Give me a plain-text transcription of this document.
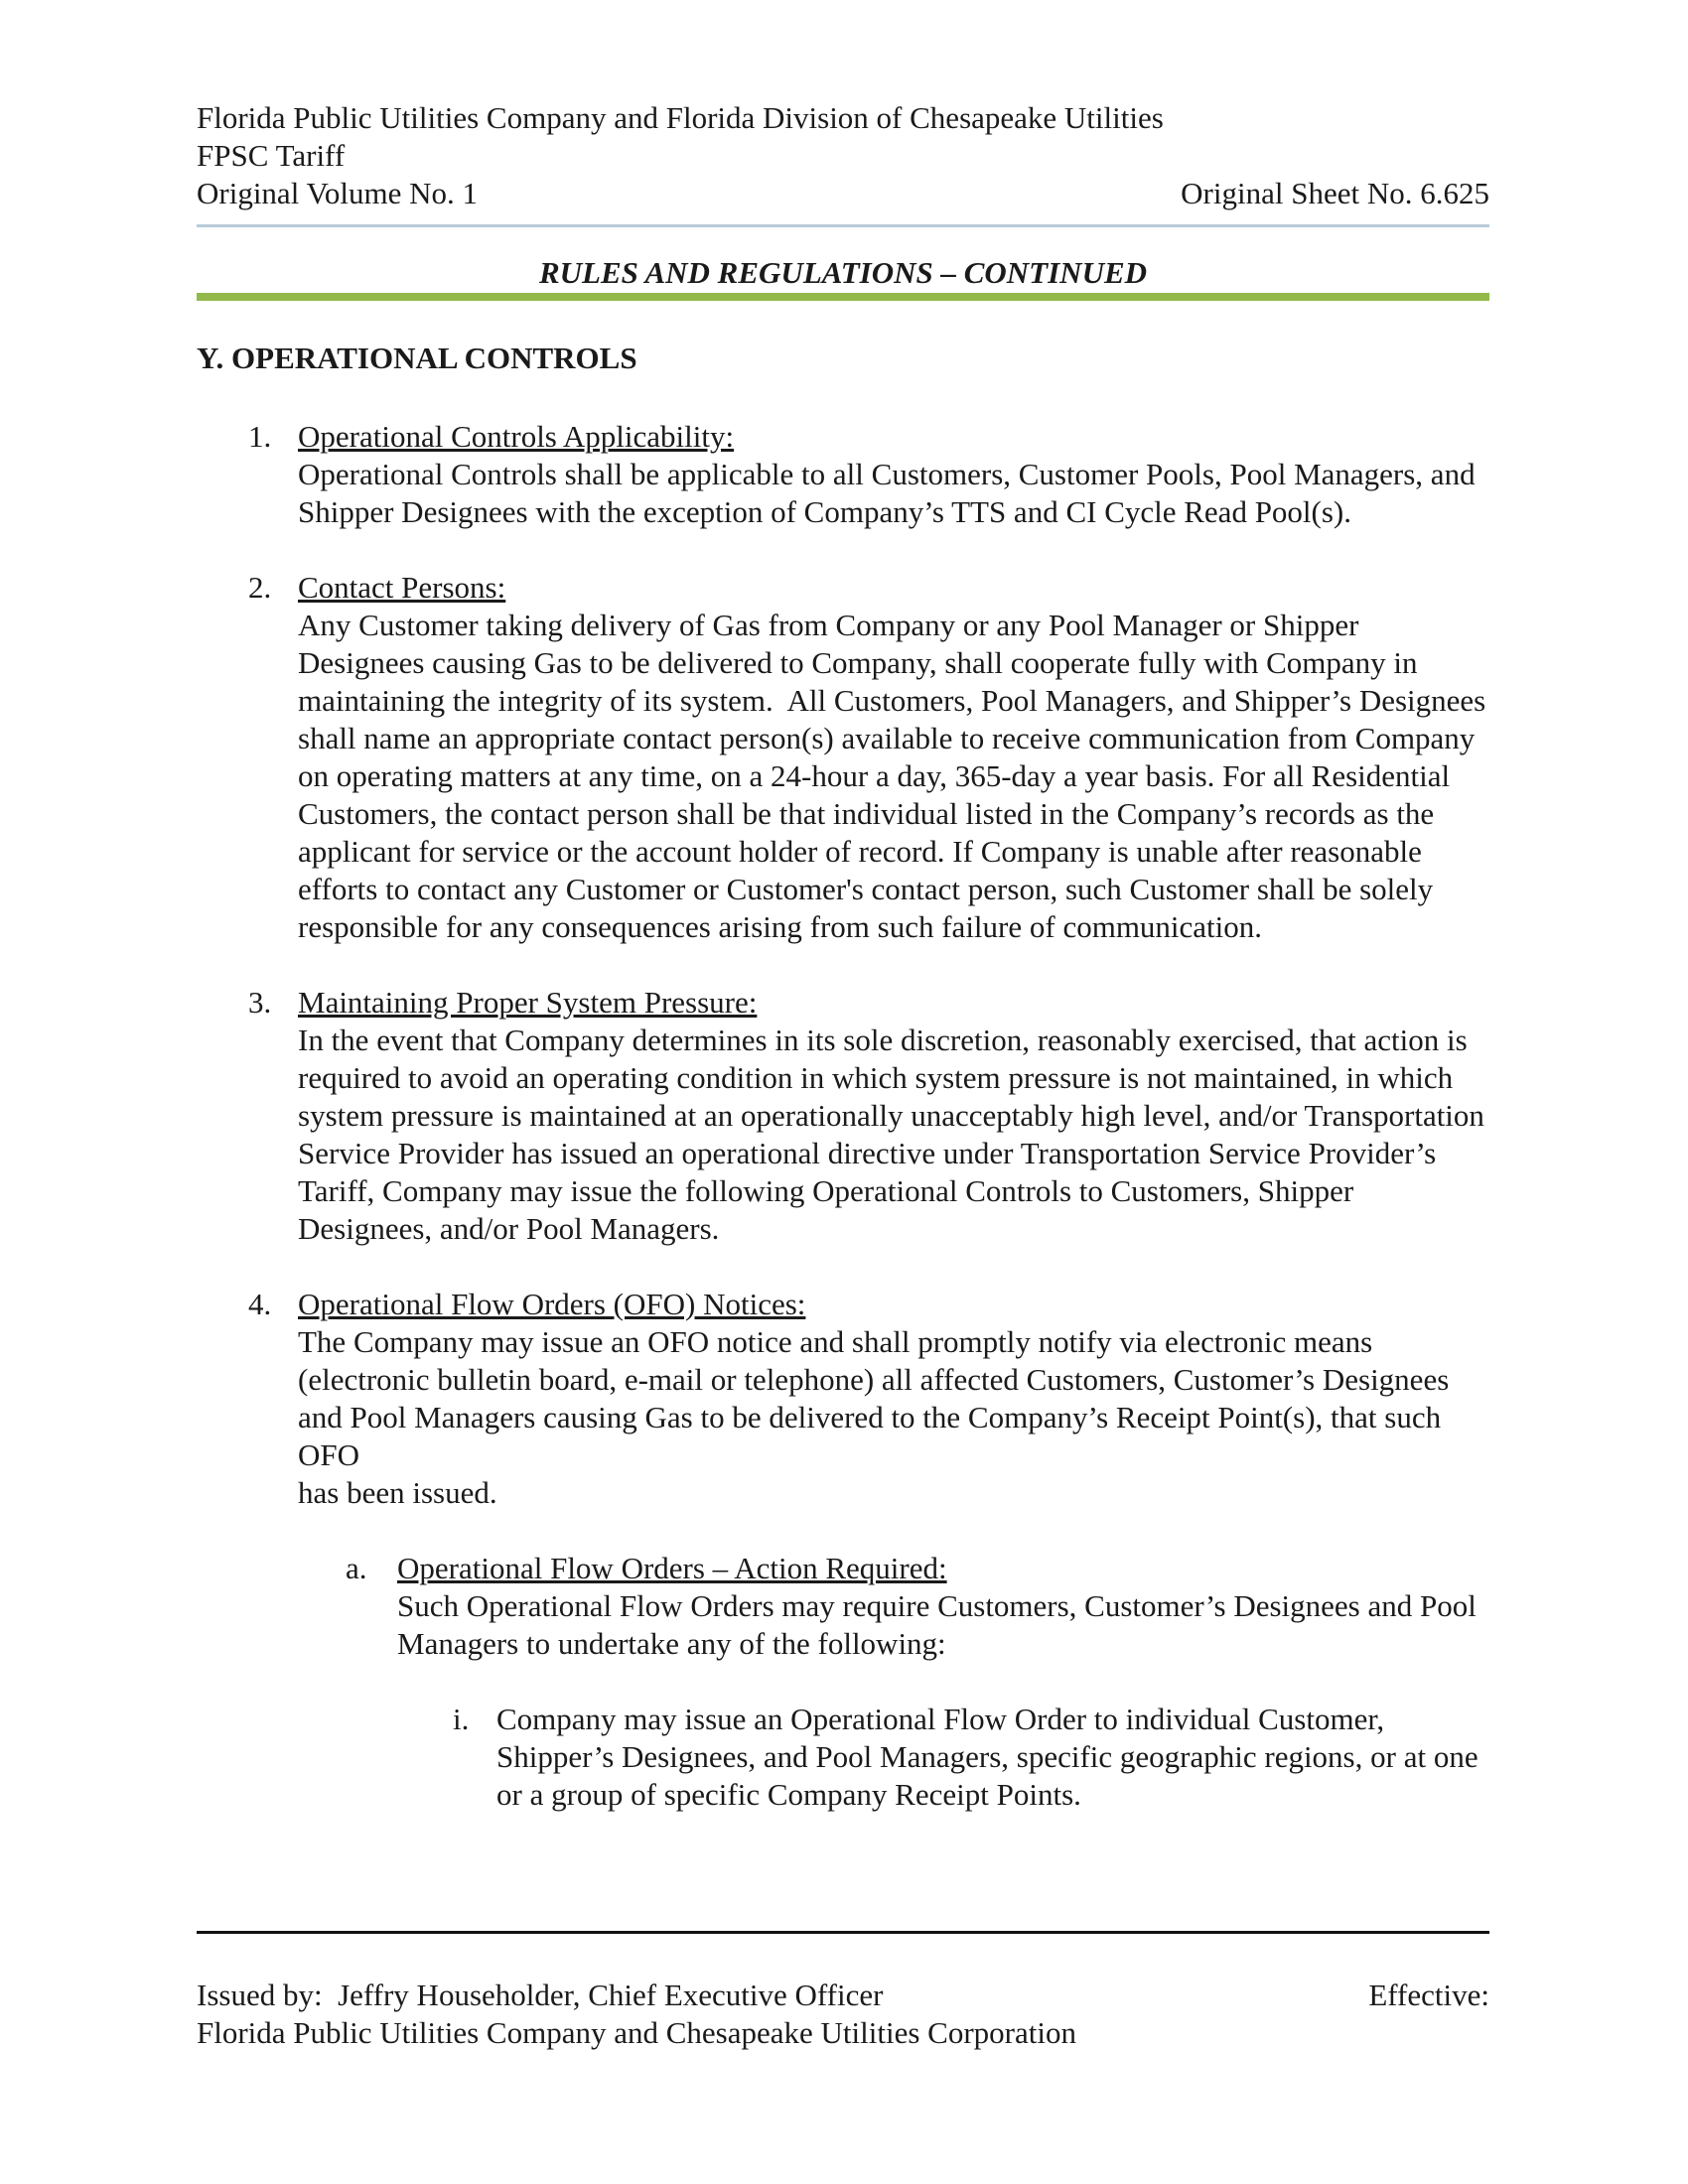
Florida Public Utilities Company and Florida Division of Chesapeake Utilities
FPSC Tariff
Original Volume No. 1	Original Sheet No. 6.625
RULES AND REGULATIONS – CONTINUED
Y. OPERATIONAL CONTROLS
1. Operational Controls Applicability:
Operational Controls shall be applicable to all Customers, Customer Pools, Pool Managers, and Shipper Designees with the exception of Company’s TTS and CI Cycle Read Pool(s).
2. Contact Persons:
Any Customer taking delivery of Gas from Company or any Pool Manager or Shipper Designees causing Gas to be delivered to Company, shall cooperate fully with Company in maintaining the integrity of its system.  All Customers, Pool Managers, and Shipper’s Designees shall name an appropriate contact person(s) available to receive communication from Company on operating matters at any time, on a 24-hour a day, 365-day a year basis. For all Residential Customers, the contact person shall be that individual listed in the Company’s records as the applicant for service or the account holder of record. If Company is unable after reasonable efforts to contact any Customer or Customer's contact person, such Customer shall be solely responsible for any consequences arising from such failure of communication.
3. Maintaining Proper System Pressure:
In the event that Company determines in its sole discretion, reasonably exercised, that action is required to avoid an operating condition in which system pressure is not maintained, in which system pressure is maintained at an operationally unacceptably high level, and/or Transportation Service Provider has issued an operational directive under Transportation Service Provider’s Tariff, Company may issue the following Operational Controls to Customers, Shipper Designees, and/or Pool Managers.
4. Operational Flow Orders (OFO) Notices:
The Company may issue an OFO notice and shall promptly notify via electronic means (electronic bulletin board, e-mail or telephone) all affected Customers, Customer’s Designees and Pool Managers causing Gas to be delivered to the Company’s Receipt Point(s), that such OFO
has been issued.
a. Operational Flow Orders – Action Required:
Such Operational Flow Orders may require Customers, Customer’s Designees and Pool Managers to undertake any of the following:
i. Company may issue an Operational Flow Order to individual Customer, Shipper’s Designees, and Pool Managers, specific geographic regions, or at one or a group of specific Company Receipt Points.
Issued by:  Jeffry Householder, Chief Executive Officer	Effective:
Florida Public Utilities Company and Chesapeake Utilities Corporation
